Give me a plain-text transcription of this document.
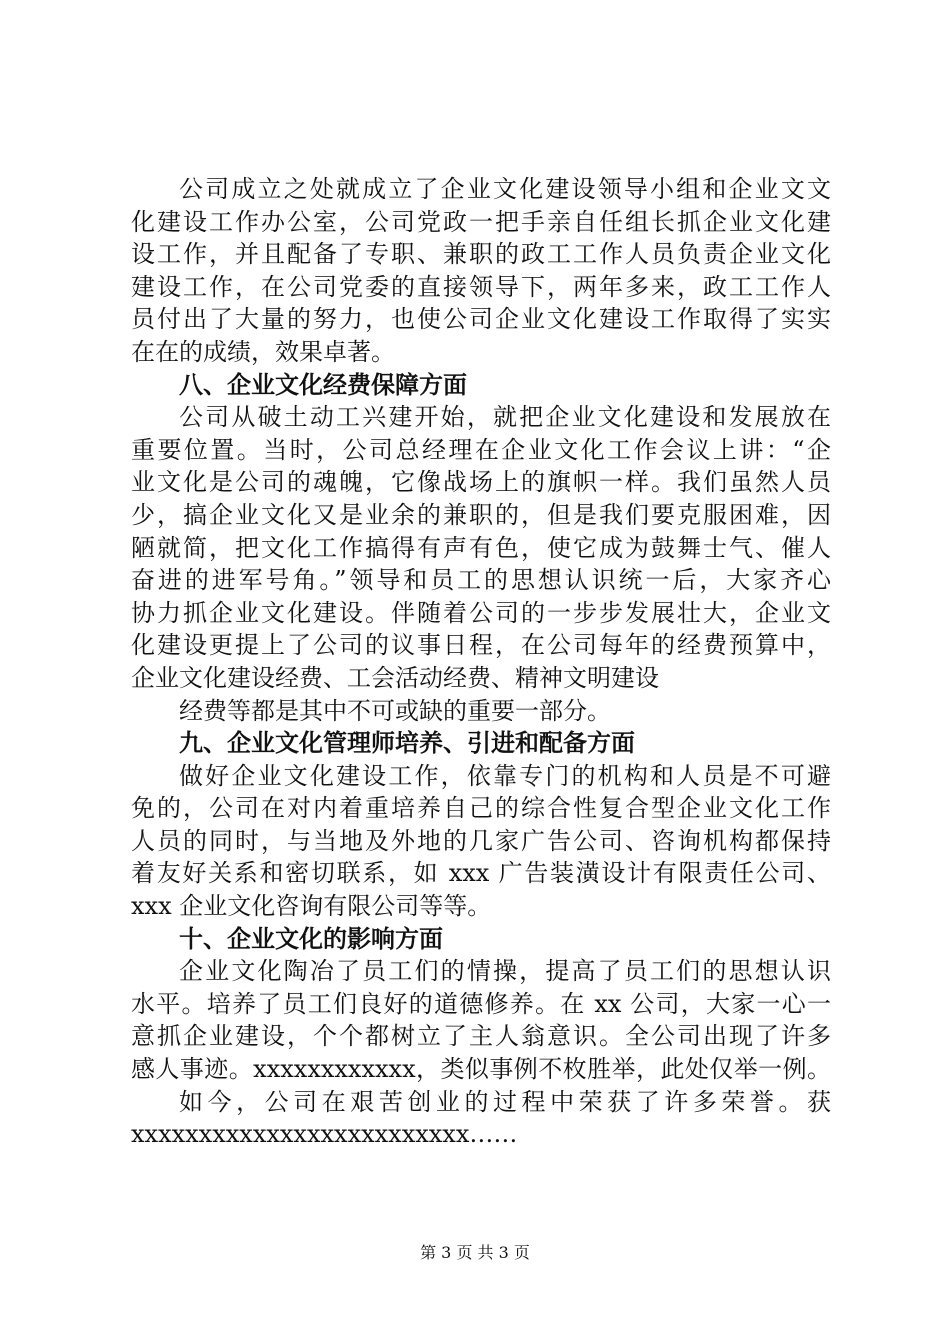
公司成立之处就成立了企业文化建设领导小组和企业文文
化建设工作办公室，公司党政一把手亲自任组长抓企业文化建
设工作，并且配备了专职、兼职的政工工作人员负责企业文化
建设工作，在公司党委的直接领导下，两年多来，政工工作人
员付出了大量的努力，也使公司企业文化建设工作取得了实实
在在的成绩，效果卓著。
八、企业文化经费保障方面
公司从破土动工兴建开始，就把企业文化建设和发展放在
重要位置。当时，公司总经理在企业文化工作会议上讲：“企
业文化是公司的魂魄，它像战场上的旗帜一样。我们虽然人员
少，搞企业文化又是业余的兼职的，但是我们要克服困难，因
陋就简，把文化工作搞得有声有色，使它成为鼓舞士气、催人
奋进的进军号角。”领导和员工的思想认识统一后，大家齐心
协力抓企业文化建设。伴随着公司的一步步发展壮大，企业文
化建设更提上了公司的议事日程，在公司每年的经费预算中，
企业文化建设经费、工会活动经费、精神文明建设
经费等都是其中不可或缺的重要一部分。
九、企业文化管理师培养、引进和配备方面
做好企业文化建设工作，依靠专门的机构和人员是不可避
免的，公司在对内着重培养自己的综合性复合型企业文化工作
人员的同时，与当地及外地的几家广告公司、咨询机构都保持
着友好关系和密切联系，如 xxx 广告装潢设计有限责任公司、
xxx 企业文化咨询有限公司等等。
十、企业文化的影响方面
企业文化陶冶了员工们的情操，提高了员工们的思想认识
水平。培养了员工们良好的道德修养。在 xx 公司，大家一心一
意抓企业建设，个个都树立了主人翁意识。全公司出现了许多
感人事迹。xxxxxxxxxxxx，类似事例不枚胜举，此处仅举一例。
如今，公司在艰苦创业的过程中荣获了许多荣誉。获
xxxxxxxxxxxxxxxxxxxxxxxxx……
第 3 页 共 3 页
